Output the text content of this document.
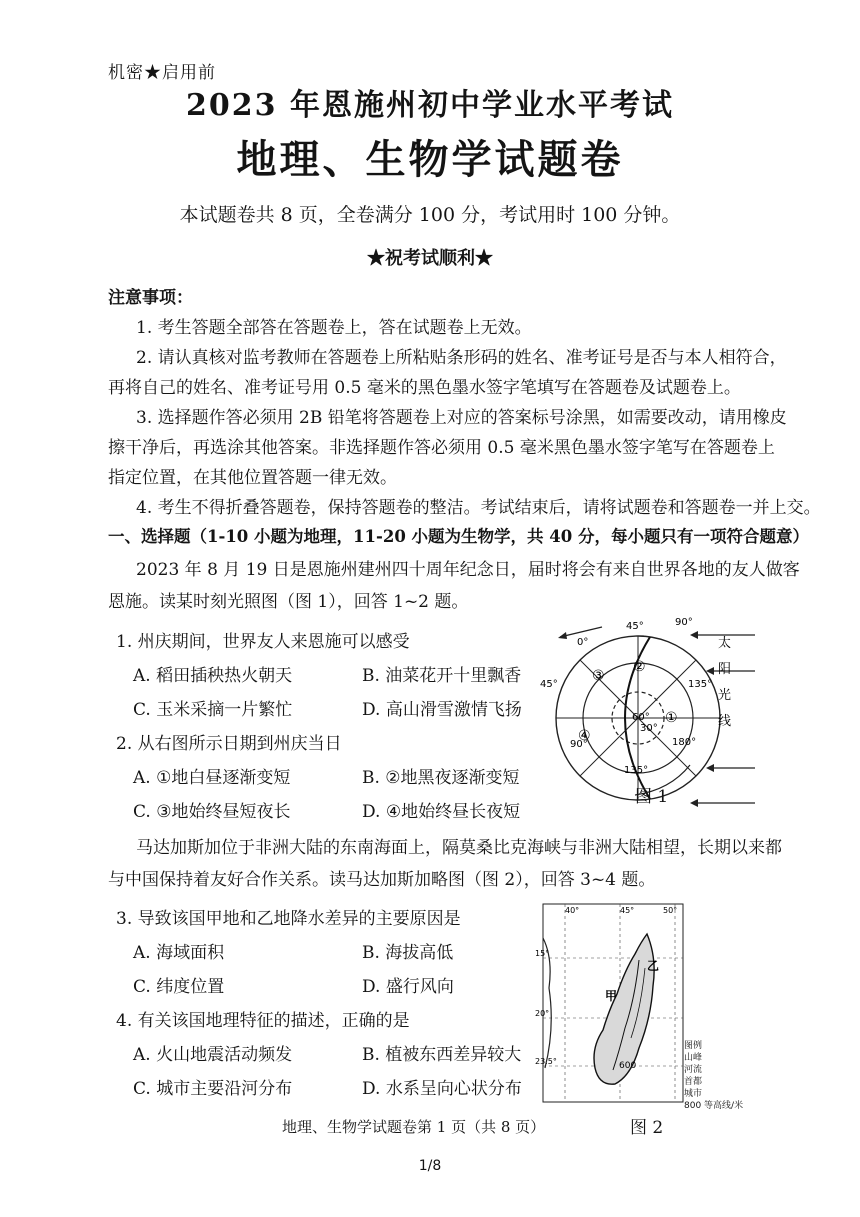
机密★启用前
2023 年恩施州初中学业水平考试
地理、生物学试题卷
本试题卷共 8 页，全卷满分 100 分，考试用时 100 分钟。
★祝考试顺利★
注意事项：
1. 考生答题全部答在答题卷上，答在试题卷上无效。
2. 请认真核对监考教师在答题卷上所粘贴条形码的姓名、准考证号是否与本人相符合，
再将自己的姓名、准考证号用 0.5 毫米的黑色墨水签字笔填写在答题卷及试题卷上。
3. 选择题作答必须用 2B 铅笔将答题卷上对应的答案标号涂黑，如需要改动，请用橡皮
擦干净后，再选涂其他答案。非选择题作答必须用 0.5 毫米黑色墨水签字笔写在答题卷上
指定位置，在其他位置答题一律无效。
4. 考生不得折叠答题卷，保持答题卷的整洁。考试结束后，请将试题卷和答题卷一并上交。
一、选择题（1-10 小题为地理，11-20 小题为生物学，共 40 分，每小题只有一项符合题意）
2023 年 8 月 19 日是恩施州建州四十周年纪念日，届时将会有来自世界各地的友人做客
恩施。读某时刻光照图（图 1），回答 1~2 题。
1. 州庆期间，世界友人来恩施可以感受
A. 稻田插秧热火朝天	B. 油菜花开十里飘香
C. 玉米采摘一片繁忙	D. 高山滑雪激情飞扬
2. 从右图所示日期到州庆当日
A. ①地白昼逐渐变短	B. ②地黑夜逐渐变短
C. ③地始终昼短夜长	D. ④地始终昼长夜短
马达加斯加位于非洲大陆的东南海面上，隔莫桑比克海峡与非洲大陆相望，长期以来都
与中国保持着友好合作关系。读马达加斯加略图（图 2），回答 3~4 题。
3. 导致该国甲地和乙地降水差异的主要原因是
A. 海域面积	B. 海拔高低
C. 纬度位置	D. 盛行风向
4. 有关该国地理特征的描述，正确的是
A. 火山地震活动频发	B. 植被东西差异较大
C. 城市主要沿河分布	D. 水系呈向心状分布
太
阳
光
线
45°	90°
0°
45°	135°
90°	180°
135°
60°
30°
②
③
①
④
图 1
40°	45°	50°
15°
20°
23.5°
甲
乙
600
图例
山峰
河流
首都
城市
800 等高线/米
图 2
地理、生物学试题卷第 1 页（共 8 页）
1/8
